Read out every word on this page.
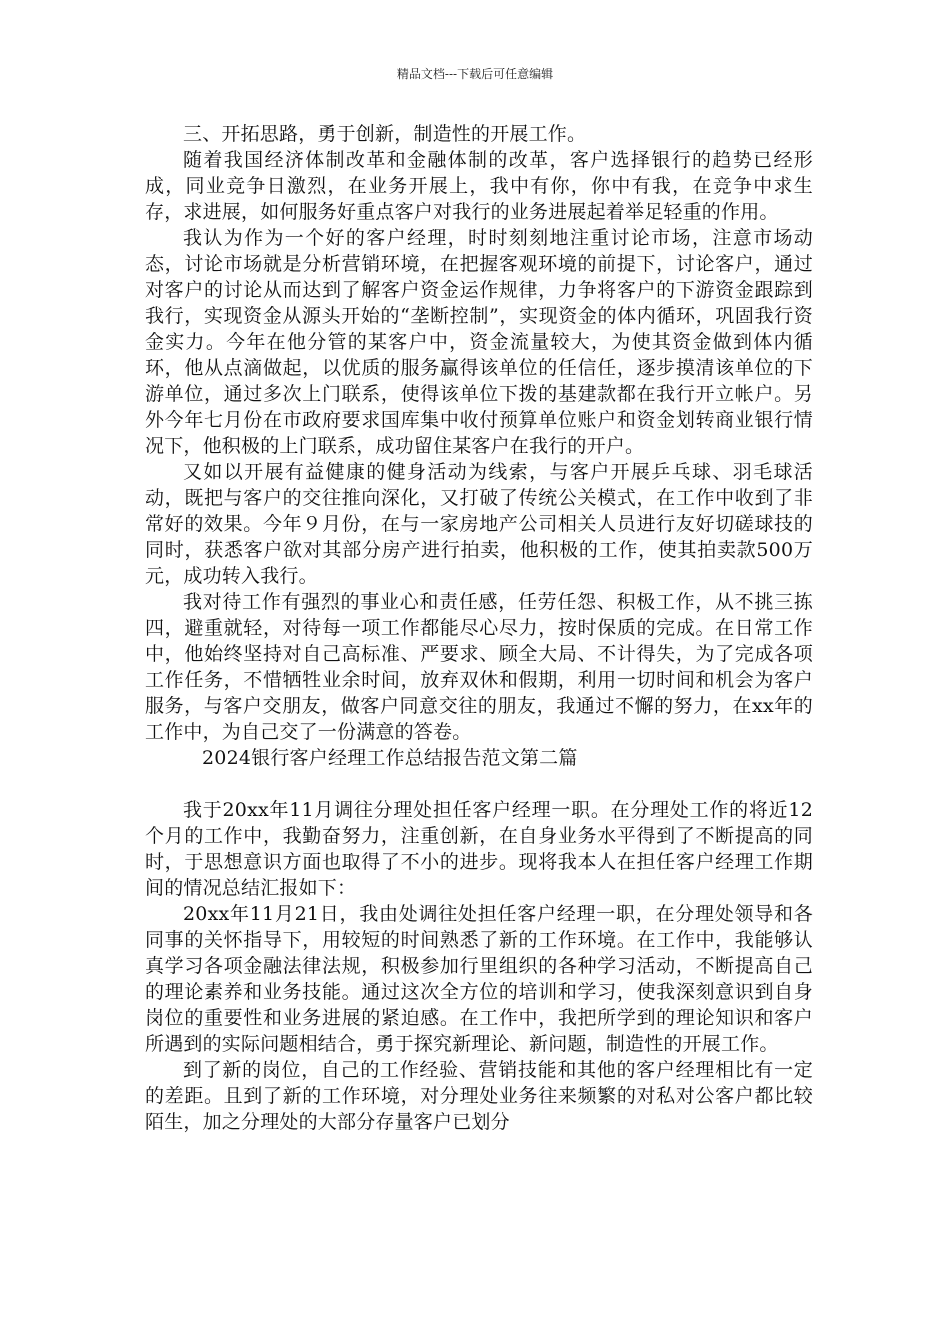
精品文档---下载后可任意编辑

三、开拓思路，勇于创新，制造性的开展工作。

随着我国经济体制改革和金融体制的改革，客户选择银行的趋势已经形成，同业竞争日激烈，在业务开展上，我中有你，你中有我，在竞争中求生存，求进展，如何服务好重点客户对我行的业务进展起着举足轻重的作用。

我认为作为一个好的客户经理，时时刻刻地注重讨论市场，注意市场动态，讨论市场就是分析营销环境，在把握客观环境的前提下，讨论客户，通过对客户的讨论从而达到了解客户资金运作规律，力争将客户的下游资金跟踪到我行，实现资金从源头开始的“垄断控制”，实现资金的体内循环，巩固我行资金实力。今年在他分管的某客户中，资金流量较大，为使其资金做到体内循环，他从点滴做起，以优质的服务赢得该单位的任信任，逐步摸清该单位的下游单位，通过多次上门联系，使得该单位下拨的基建款都在我行开立帐户。另外今年七月份在市政府要求国库集中收付预算单位账户和资金划转商业银行情况下，他积极的上门联系，成功留住某客户在我行的开户。

又如以开展有益健康的健身活动为线索，与客户开展乒乓球、羽毛球活动，既把与客户的交往推向深化，又打破了传统公关模式，在工作中收到了非常好的效果。今年９月份，在与一家房地产公司相关人员进行友好切磋球技的同时，获悉客户欲对其部分房产进行拍卖，他积极的工作，使其拍卖款500万元，成功转入我行。

我对待工作有强烈的事业心和责任感，任劳任怨、积极工作，从不挑三拣四，避重就轻，对待每一项工作都能尽心尽力，按时保质的完成。在日常工作中，他始终坚持对自己高标准、严要求、顾全大局、不计得失，为了完成各项工作任务，不惜牺牲业余时间，放弃双休和假期，利用一切时间和机会为客户服务，与客户交朋友，做客户同意交往的朋友，我通过不懈的努力，在xx年的工作中，为自己交了一份满意的答卷。

2024银行客户经理工作总结报告范文第二篇

我于20xx年11月调往分理处担任客户经理一职。在分理处工作的将近12个月的工作中，我勤奋努力，注重创新，在自身业务水平得到了不断提高的同时，于思想意识方面也取得了不小的进步。现将我本人在担任客户经理工作期间的情况总结汇报如下：

20xx年11月21日，我由处调往处担任客户经理一职，在分理处领导和各同事的关怀指导下，用较短的时间熟悉了新的工作环境。在工作中，我能够认真学习各项金融法律法规，积极参加行里组织的各种学习活动，不断提高自己的理论素养和业务技能。通过这次全方位的培训和学习，使我深刻意识到自身岗位的重要性和业务进展的紧迫感。在工作中，我把所学到的理论知识和客户所遇到的实际问题相结合，勇于探究新理论、新问题，制造性的开展工作。

到了新的岗位，自己的工作经验、营销技能和其他的客户经理相比有一定的差距。且到了新的工作环境，对分理处业务往来频繁的对私对公客户都比较陌生，加之分理处的大部分存量客户已划分
